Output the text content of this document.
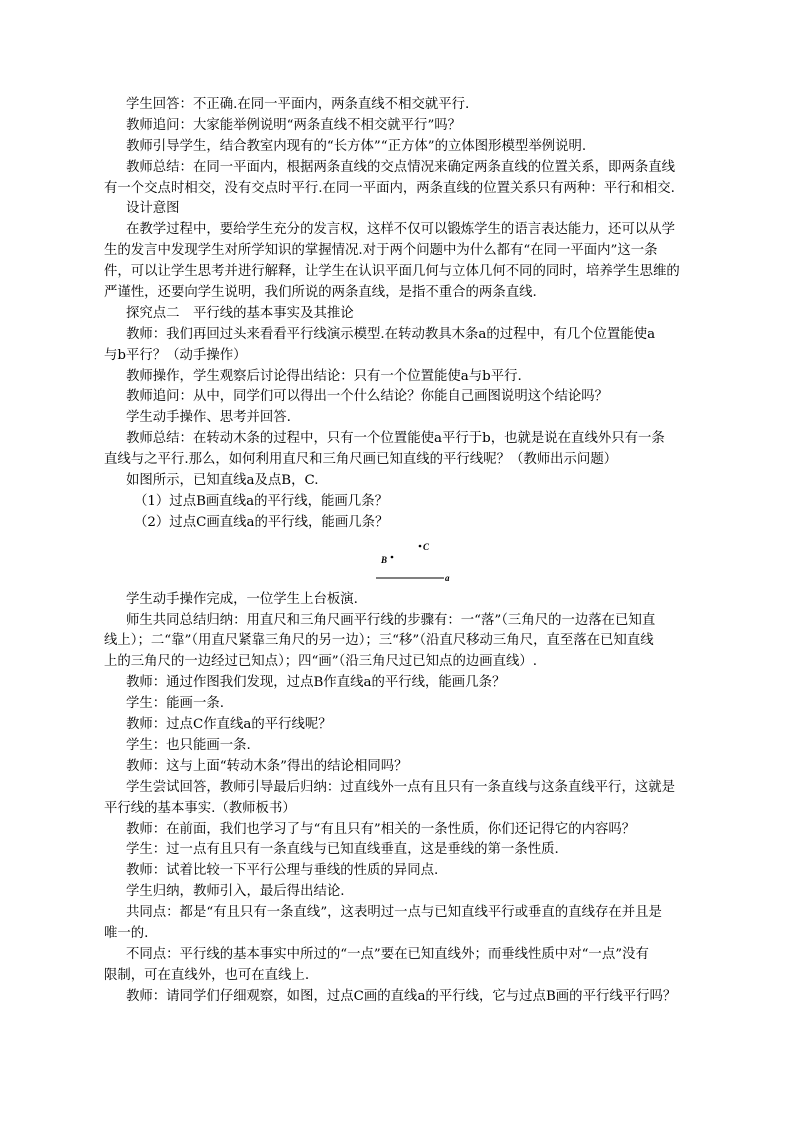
学生回答：不正确.在同一平面内，两条直线不相交就平行.
教师追问：大家能举例说明“两条直线不相交就平行”吗？
教师引导学生，结合教室内现有的“长方体”“正方体”的立体图形模型举例说明.
教师总结：在同一平面内，根据两条直线的交点情况来确定两条直线的位置关系，即两条直线
有一个交点时相交，没有交点时平行.在同一平面内，两条直线的位置关系只有两种：平行和相交.
设计意图
在教学过程中，要给学生充分的发言权，这样不仅可以锻炼学生的语言表达能力，还可以从学
生的发言中发现学生对所学知识的掌握情况.对于两个问题中为什么都有“在同一平面内”这一条
件，可以让学生思考并进行解释，让学生在认识平面几何与立体几何不同的同时，培养学生思维的
严谨性，还要向学生说明，我们所说的两条直线，是指不重合的两条直线.
探究点二　平行线的基本事实及其推论
教师：我们再回过头来看看平行线演示模型.在转动教具木条a的过程中，有几个位置能使a
与b平行？（动手操作）
教师操作，学生观察后讨论得出结论：只有一个位置能使a与b平行.
教师追问：从中，同学们可以得出一个什么结论？你能自己画图说明这个结论吗？
学生动手操作、思考并回答.
教师总结：在转动木条的过程中，只有一个位置能使a平行于b，也就是说在直线外只有一条
直线与之平行.那么，如何利用直尺和三角尺画已知直线的平行线呢？（教师出示问题）
如图所示，已知直线a及点B，C.
（1）过点B画直线a的平行线，能画几条？
（2）过点C画直线a的平行线，能画几条？
C
B
a
学生动手操作完成，一位学生上台板演.
师生共同总结归纳：用直尺和三角尺画平行线的步骤有：一“落”（三角尺的一边落在已知直
线上）；二“靠”（用直尺紧靠三角尺的另一边）；三“移”（沿直尺移动三角尺，直至落在已知直线
上的三角尺的一边经过已知点）；四“画”（沿三角尺过已知点的边画直线）.
教师：通过作图我们发现，过点B作直线a的平行线，能画几条？
学生：能画一条.
教师：过点C作直线a的平行线呢？
学生：也只能画一条.
教师：这与上面“转动木条”得出的结论相同吗？
学生尝试回答，教师引导最后归纳：过直线外一点有且只有一条直线与这条直线平行，这就是
平行线的基本事实.（教师板书）
教师：在前面，我们也学习了与“有且只有”相关的一条性质，你们还记得它的内容吗？
学生：过一点有且只有一条直线与已知直线垂直，这是垂线的第一条性质.
教师：试着比较一下平行公理与垂线的性质的异同点.
学生归纳，教师引入，最后得出结论.
共同点：都是“有且只有一条直线”，这表明过一点与已知直线平行或垂直的直线存在并且是
唯一的.
不同点：平行线的基本事实中所过的“一点”要在已知直线外；而垂线性质中对“一点”没有
限制，可在直线外，也可在直线上.
教师：请同学们仔细观察，如图，过点C画的直线a的平行线，它与过点B画的平行线平行吗？
